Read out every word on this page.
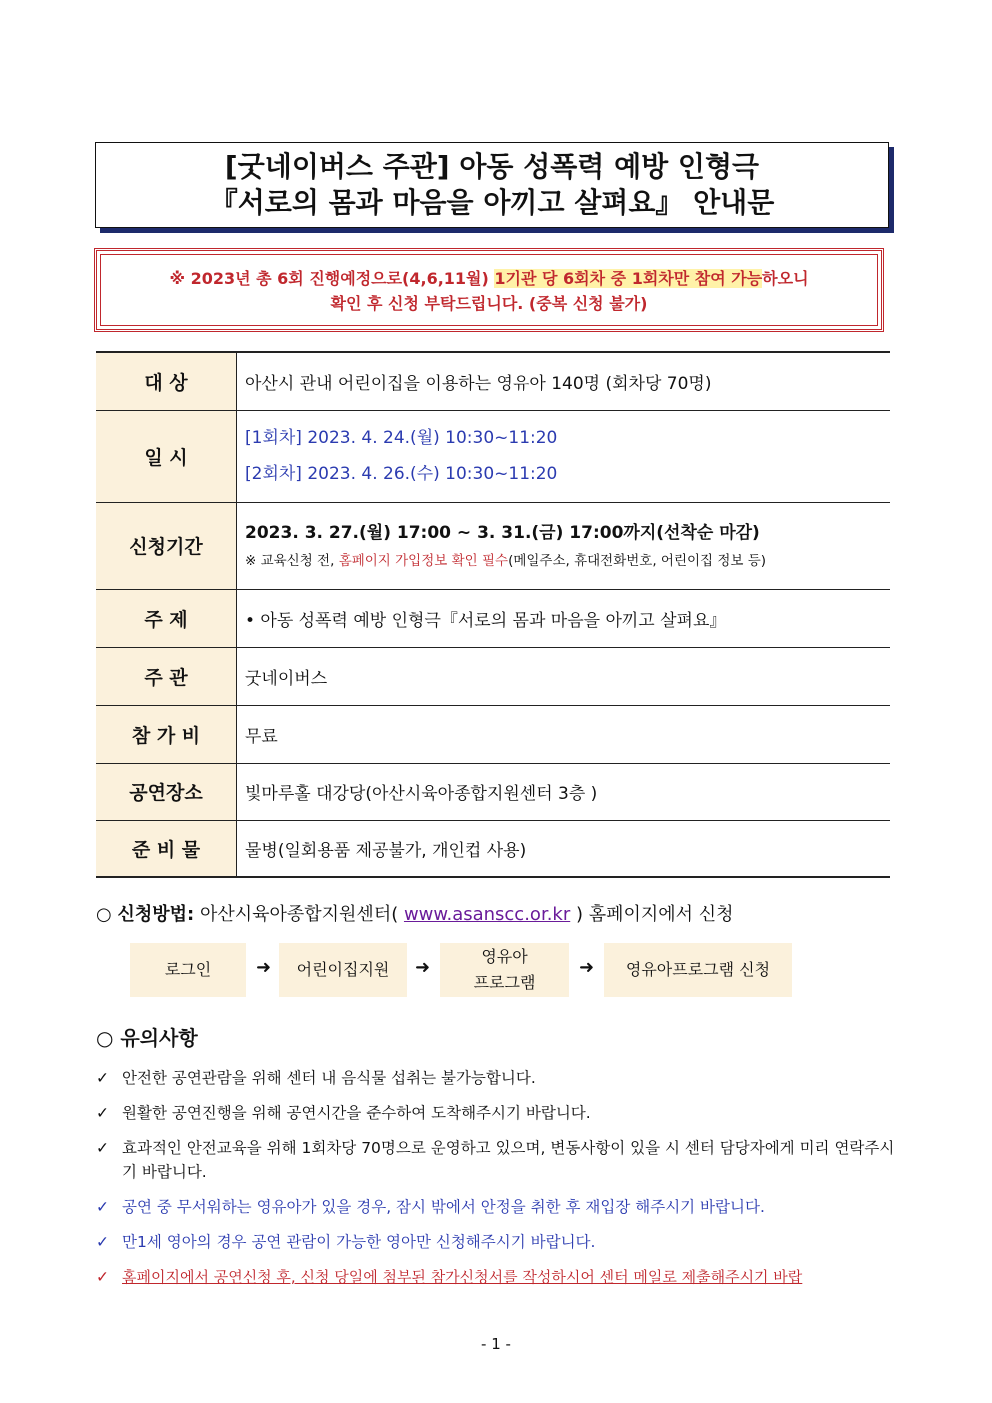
[굿네이버스 주관] 아동 성폭력 예방 인형극
『서로의 몸과 마음을 아끼고 살펴요』 안내문
※ 2023년 총 6회 진행예정으로(4,6,11월) 1기관 당 6회차 중 1회차만 참여 가능하오니
확인 후 신청 부탁드립니다. (중복 신청 불가)
대 상	아산시 관내 어린이집을 이용하는 영유아 140명 (회차당 70명)
일 시	[1회차] 2023. 4. 24.(월) 10:30~11:20
[2회차] 2023. 4. 26.(수) 10:30~11:20

신청기간	2023. 3. 27.(월) 17:00 ~ 3. 31.(금) 17:00까지(선착순 마감)
※ 교육신청 전, 홈페이지 가입정보 확인 필수(메일주소, 휴대전화번호, 어린이집 정보 등)

주 제	• 아동 성폭력 예방 인형극『서로의 몸과 마음을 아끼고 살펴요』
주 관	굿네이버스
참 가 비	무료
공연장소	빛마루홀 대강당(아산시육아종합지원센터 3층 )
준 비 물	물병(일회용품 제공불가, 개인컵 사용)
○ 신청방법: 아산시육아종합지원센터( www.asanscc.or.kr ) 홈페이지에서 신청
로그인	➜	어린이집지원	➜
영유아
프로그램
➜	영유아프로그램 신청
○ 유의사항
✓ 안전한 공연관람을 위해 센터 내 음식물 섭취는 불가능합니다.
✓ 원활한 공연진행을 위해 공연시간을 준수하여 도착해주시기 바랍니다.
✓ 효과적인 안전교육을 위해 1회차당 70명으로 운영하고 있으며, 변동사항이 있을 시 센터 담당자에게 미리 연락주시기 바랍니다.
✓ 공연 중 무서워하는 영유아가 있을 경우, 잠시 밖에서 안정을 취한 후 재입장 해주시기 바랍니다.
✓ 만1세 영아의 경우 공연 관람이 가능한 영아만 신청해주시기 바랍니다.
✓ 홈페이지에서 공연신청 후, 신청 당일에 첨부된 참가신청서를 작성하시어 센터 메일로 제출해주시기 바랍
- 1 -
